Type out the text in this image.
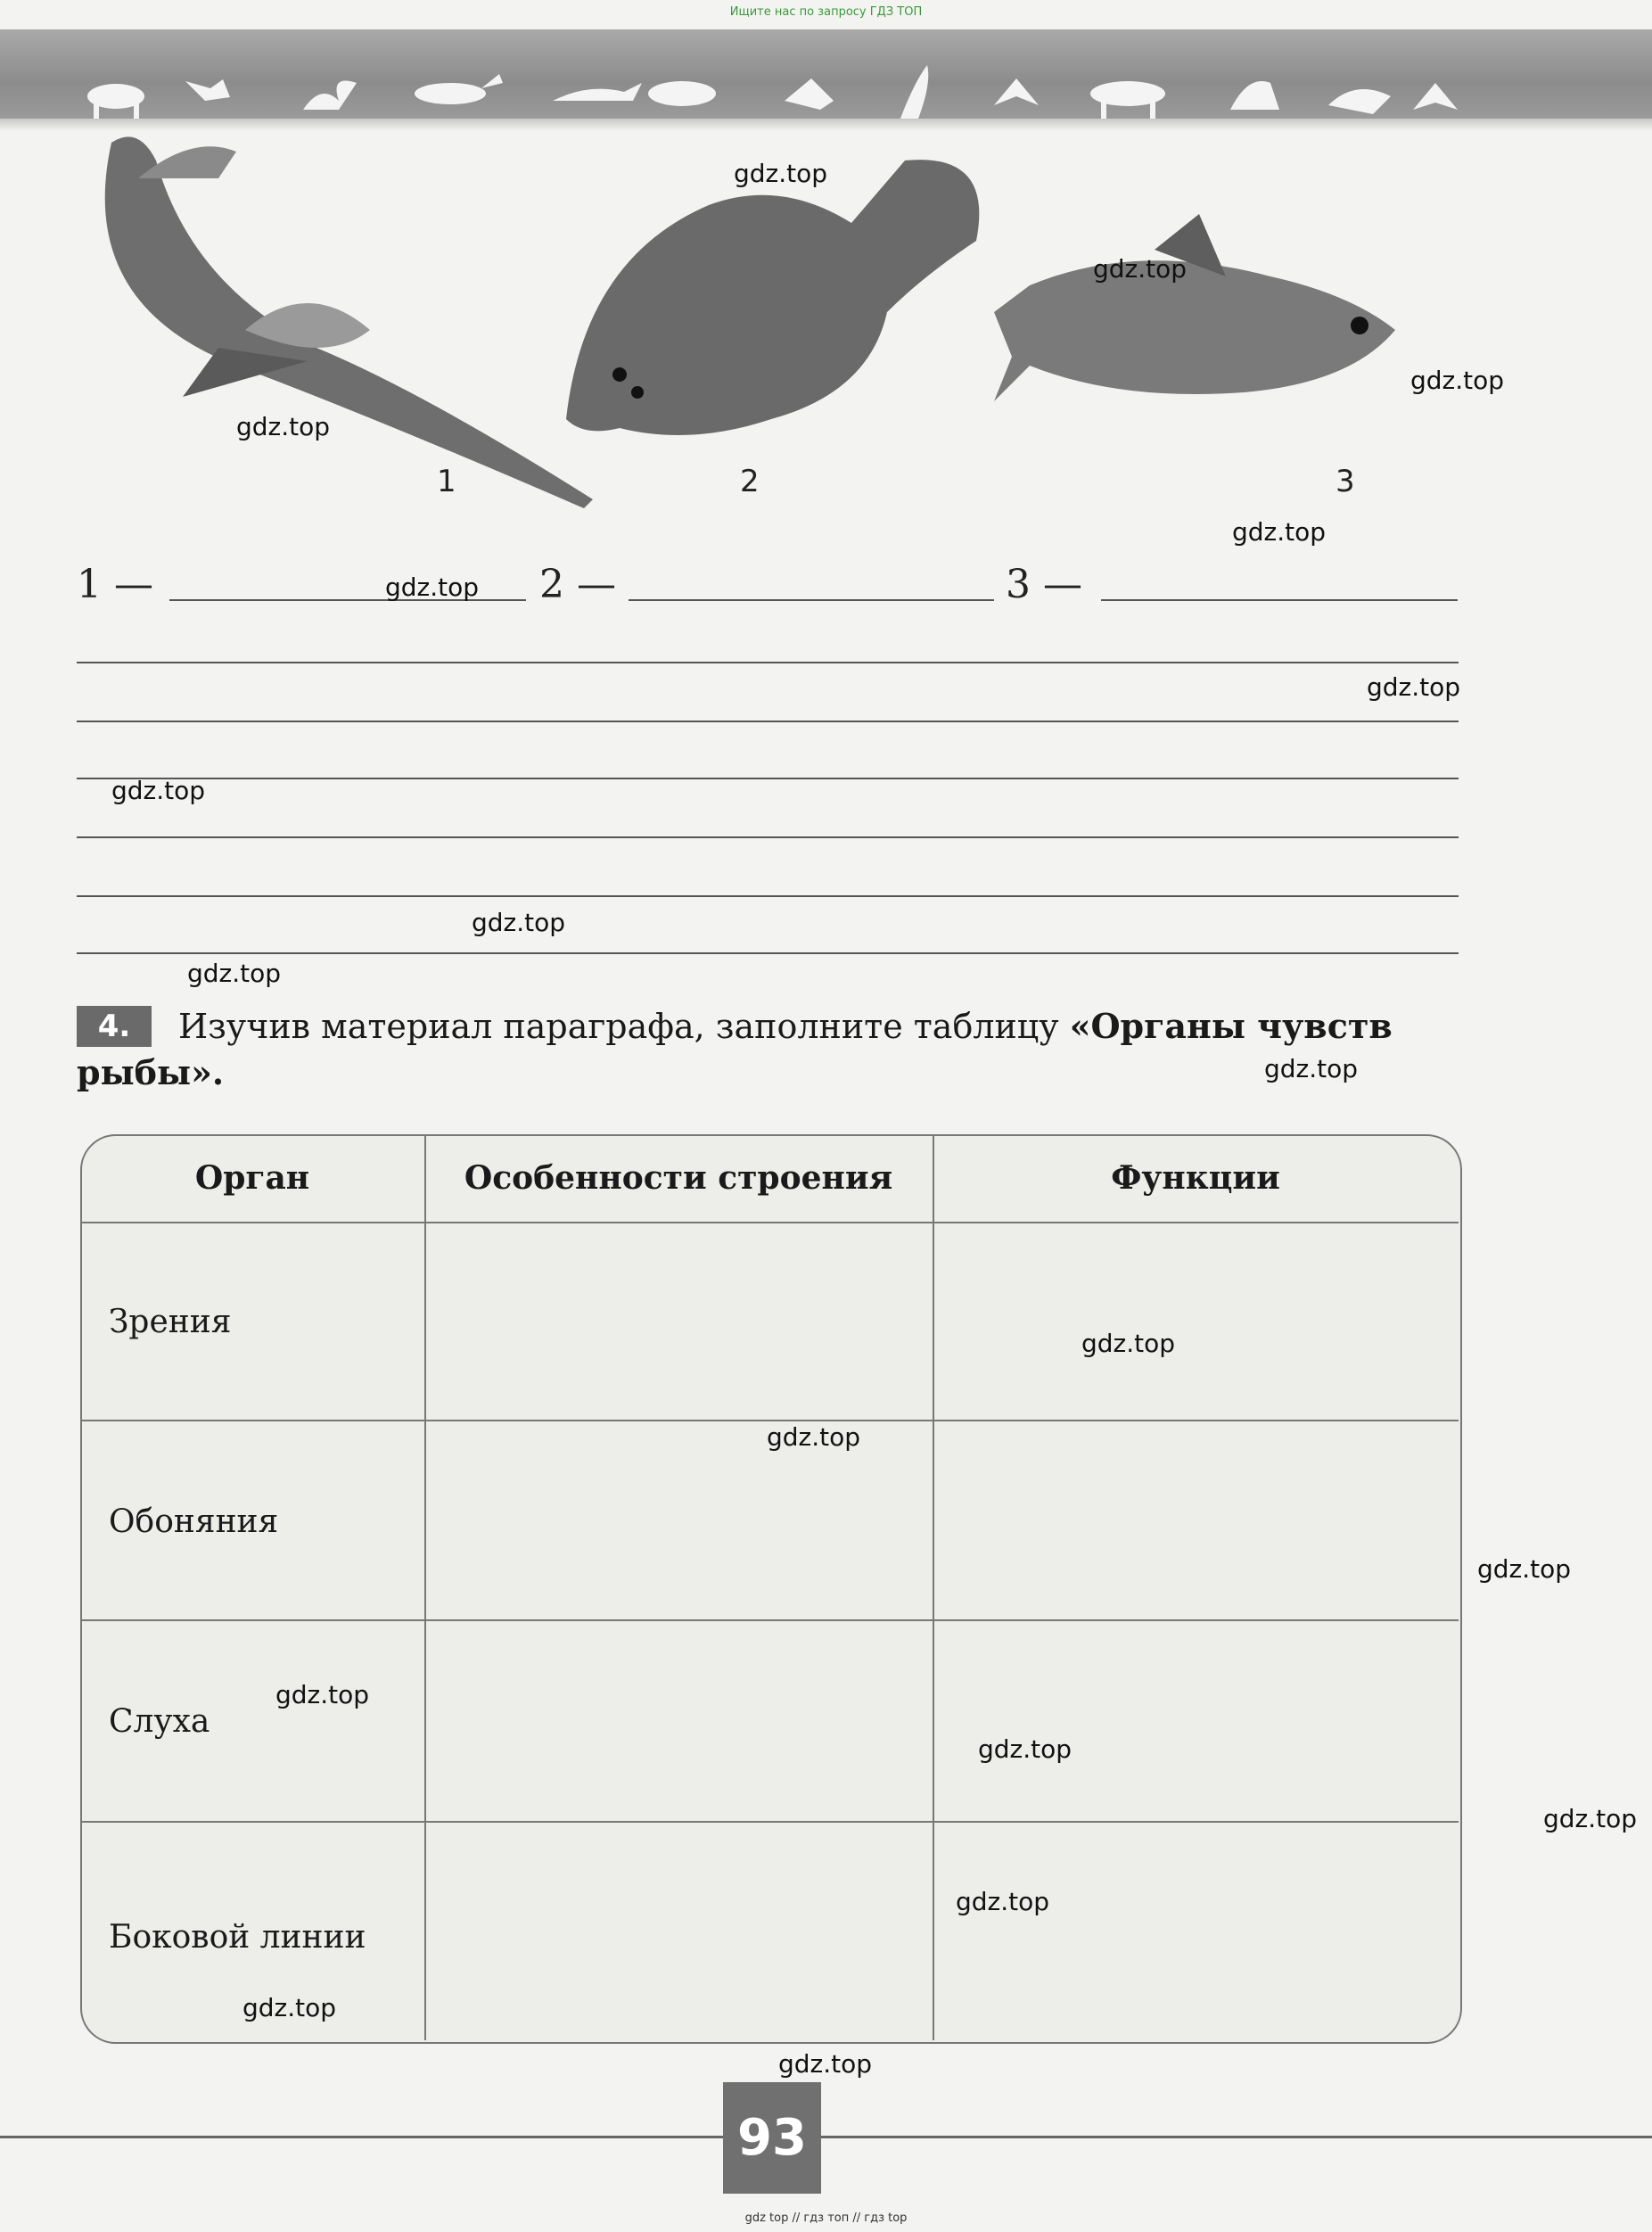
Ищите нас по запросу ГДЗ ТОП
1	2	3
1 —	2 —	3 —
4.	Изучив материал параграфа, заполните таблицу «Органы чувств
рыбы».
Орган	Особенности строения	Функции
Зрения
Обоняния
Слуха
Боковой линии
gdz.top
gdz.top
gdz.top
gdz.top
gdz.top
gdz.top
gdz.top
gdz.top
gdz.top
gdz.top
gdz.top
gdz.top
gdz.top
gdz.top
gdz.top
gdz.top
gdz.top
gdz.top
gdz.top
gdz.top
93
gdz top // гдз топ // гдз top
